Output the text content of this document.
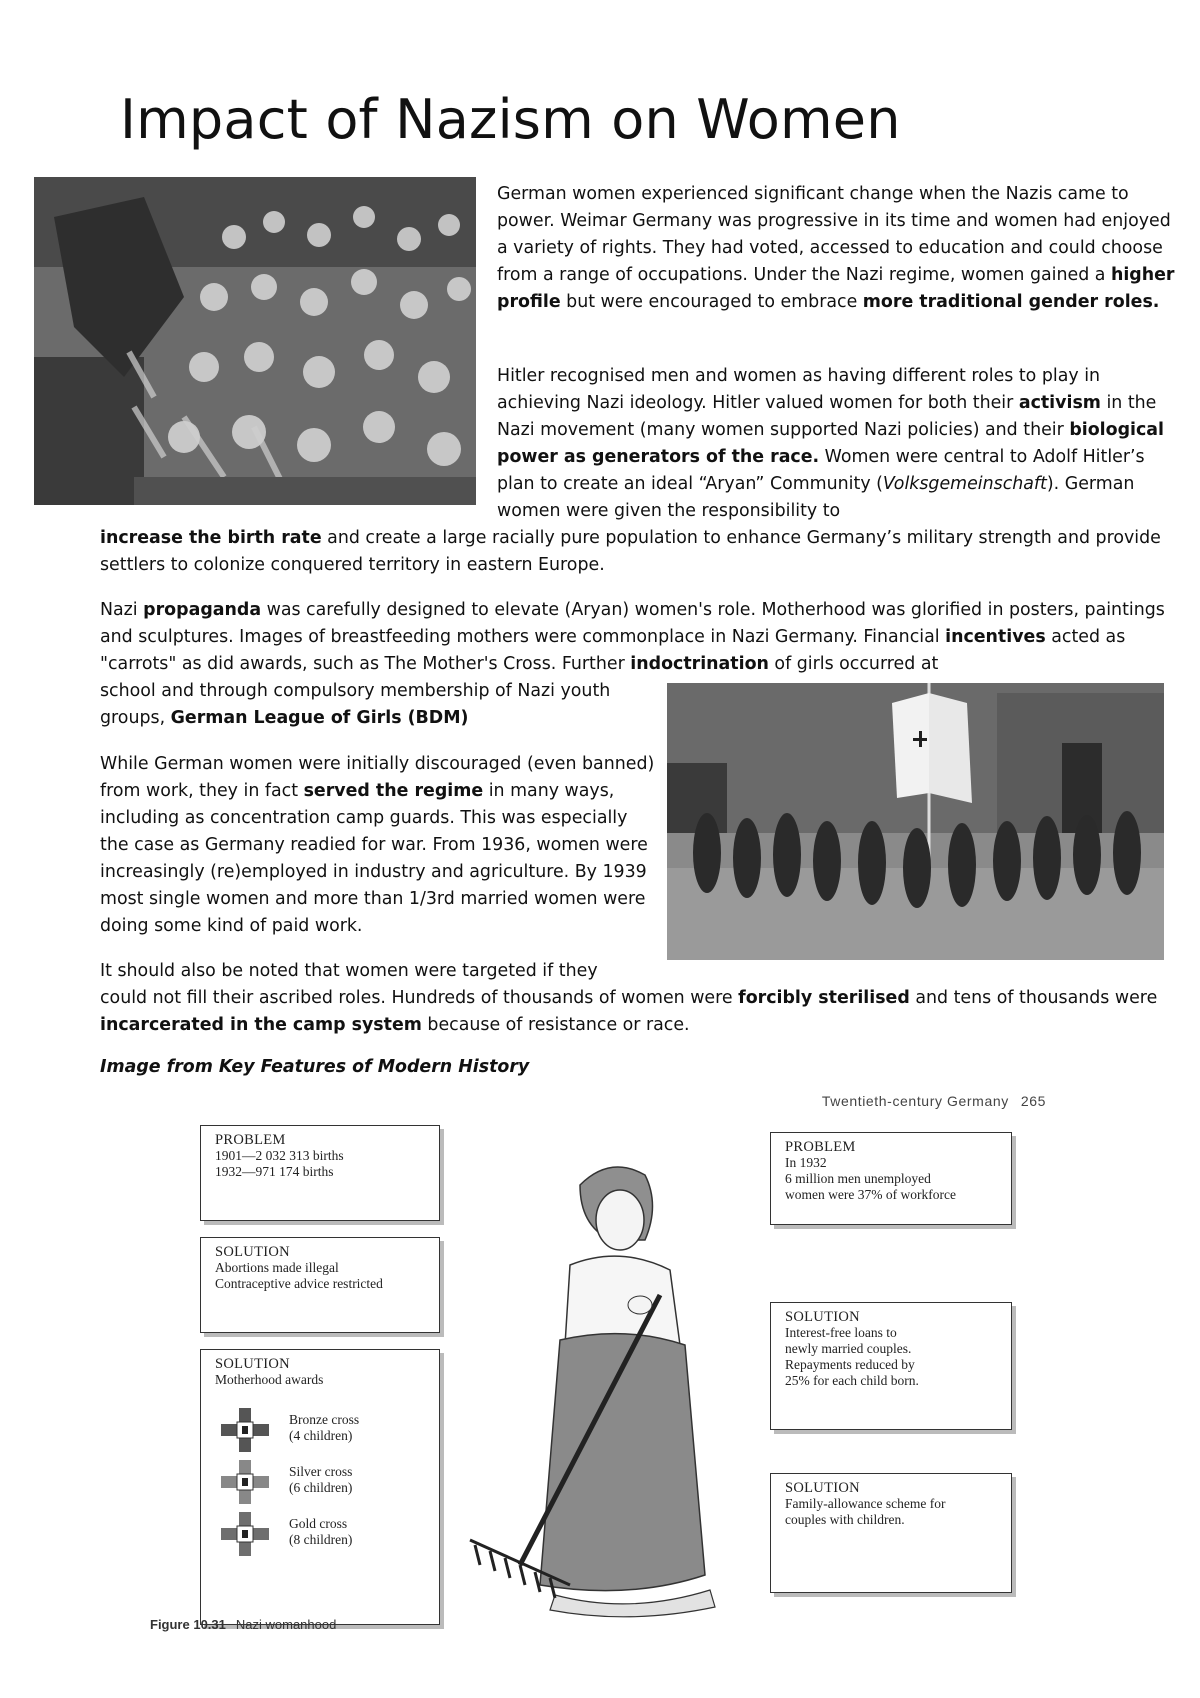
Impact of Nazism on Women

German women experienced significant change when the Nazis came to power. Weimar Germany was progressive in its time and women had enjoyed a variety of rights. They had voted, accessed to education and could choose from a range of occupations. Under the Nazi regime, women gained a higher profile but were encouraged to embrace more traditional gender roles.

Hitler recognised men and women as having different roles to play in achieving Nazi ideology. Hitler valued women for both their activism in the Nazi movement (many women supported Nazi policies) and their biological power as generators of the race. Women were central to Adolf Hitler’s plan to create an ideal “Aryan” Community (Volksgemeinschaft). German women were given the responsibility to

increase the birth rate and create a large racially pure population to enhance Germany’s military strength and provide settlers to colonize conquered territory in eastern Europe.

Nazi propaganda was carefully designed to elevate (Aryan) women's role. Motherhood was glorified in posters, paintings and sculptures. Images of breastfeeding mothers were commonplace in Nazi Germany. Financial incentives acted as "carrots" as did awards, such as The Mother's Cross. Further indoctrination of girls occurred at

school and through compulsory membership of Nazi youth groups, German League of Girls (BDM)

While German women were initially discouraged (even banned) from work, they in fact served the regime in many ways, including as concentration camp guards. This was especially the case as Germany readied for war. From 1936, women were increasingly (re)employed in industry and agriculture. By 1939 most single women and more than 1/3rd married women were doing some kind of paid work.

It should also be noted that women were targeted if they

could not fill their ascribed roles. Hundreds of thousands of women were forcibly sterilised and tens of thousands were incarcerated in the camp system because of resistance or race.

Image from Key Features of Modern History

Twentieth-century Germany 265
PROBLEM
1901—2 032 313 births
1932—971 174 births
SOLUTION
Abortions made illegal
Contraceptive advice restricted
SOLUTION
Motherhood awards
Bronze cross
(4 children)
Silver cross
(6 children)
Gold cross
(8 children)
PROBLEM
In 1932
6 million men unemployed
women were 37% of workforce
SOLUTION
Interest-free loans to
newly married couples.
Repayments reduced by
25% for each child born.
SOLUTION
Family-allowance scheme for
couples with children.
Figure 10.31 Nazi womanhood
